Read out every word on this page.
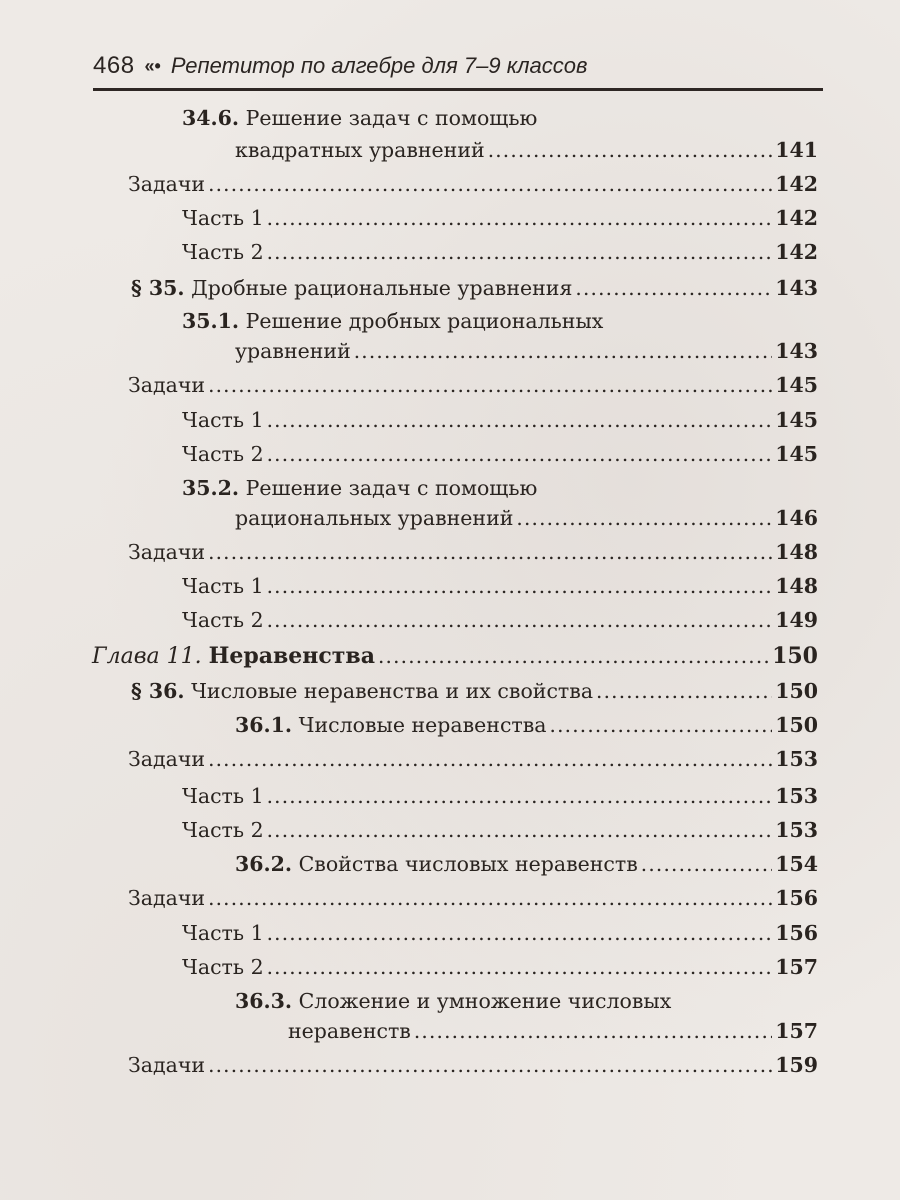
468 «• Репетитор по алгебре для 7–9 классов
34.6. Решение задач с помощью
квадратных уравнений .....	141
Задачи .....	142
Часть 1 .....	142
Часть 2 .....	142
§ 35. Дробные рациональные уравнения .....	143
35.1. Решение дробных рациональных
уравнений .....	143
Задачи .....	145
Часть 1 .....	145
Часть 2 .....	145
35.2. Решение задач с помощью
рациональных уравнений .....	146
Задачи .....	148
Часть 1 .....	148
Часть 2 .....	149
Глава 11. Неравенства .....	150
§ 36. Числовые неравенства и их свойства .....	150
36.1. Числовые неравенства .....	150
Задачи .....	153
Часть 1 .....	153
Часть 2 .....	153
36.2. Свойства числовых неравенств .....	154
Задачи .....	156
Часть 1 .....	156
Часть 2 .....	157
36.3. Сложение и умножение числовых
неравенств .....	157
Задачи .....	159
